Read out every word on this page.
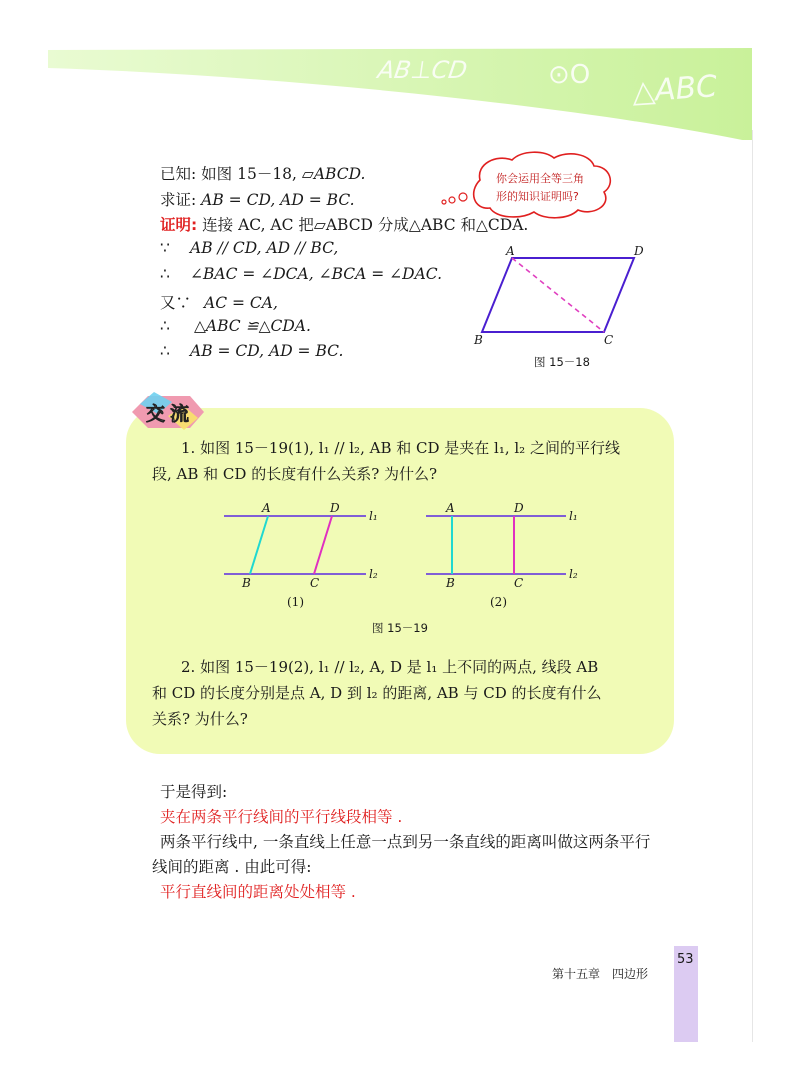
AB⊥CD	⊙O △ABC
你会运用全等三角
形的知识证明吗?
已知: 如图 15－18, ▱ABCD.
求证: AB = CD, AD = BC.
证明: 连接 AC, AC 把▱ABCD 分成△ABC 和△CDA.
∵ AB // CD, AD // BC,
∴ ∠BAC = ∠DCA, ∠BCA = ∠DAC.
又∵ AC = CA,
∴ △ABC ≌△CDA.
∴ AB = CD, AD = BC.
A	D
B	C
图 15－18
交 流
1. 如图 15－19(1), l₁ // l₂, AB 和 CD 是夹在 l₁, l₂ 之间的平行线
段, AB 和 CD 的长度有什么关系? 为什么?
A	D
l₁
l₂
B	C
(1)
A	D
l₁
l₂
B	C
(2)
图 15－19
2. 如图 15－19(2), l₁ // l₂, A, D 是 l₁ 上不同的两点, 线段 AB
和 CD 的长度分别是点 A, D 到 l₂ 的距离, AB 与 CD 的长度有什么
关系? 为什么?
于是得到:
夹在两条平行线间的平行线段相等 .
两条平行线中, 一条直线上任意一点到另一条直线的距离叫做这两条平行
线间的距离 . 由此可得:
平行直线间的距离处处相等 .
第十五章　四边形
53
